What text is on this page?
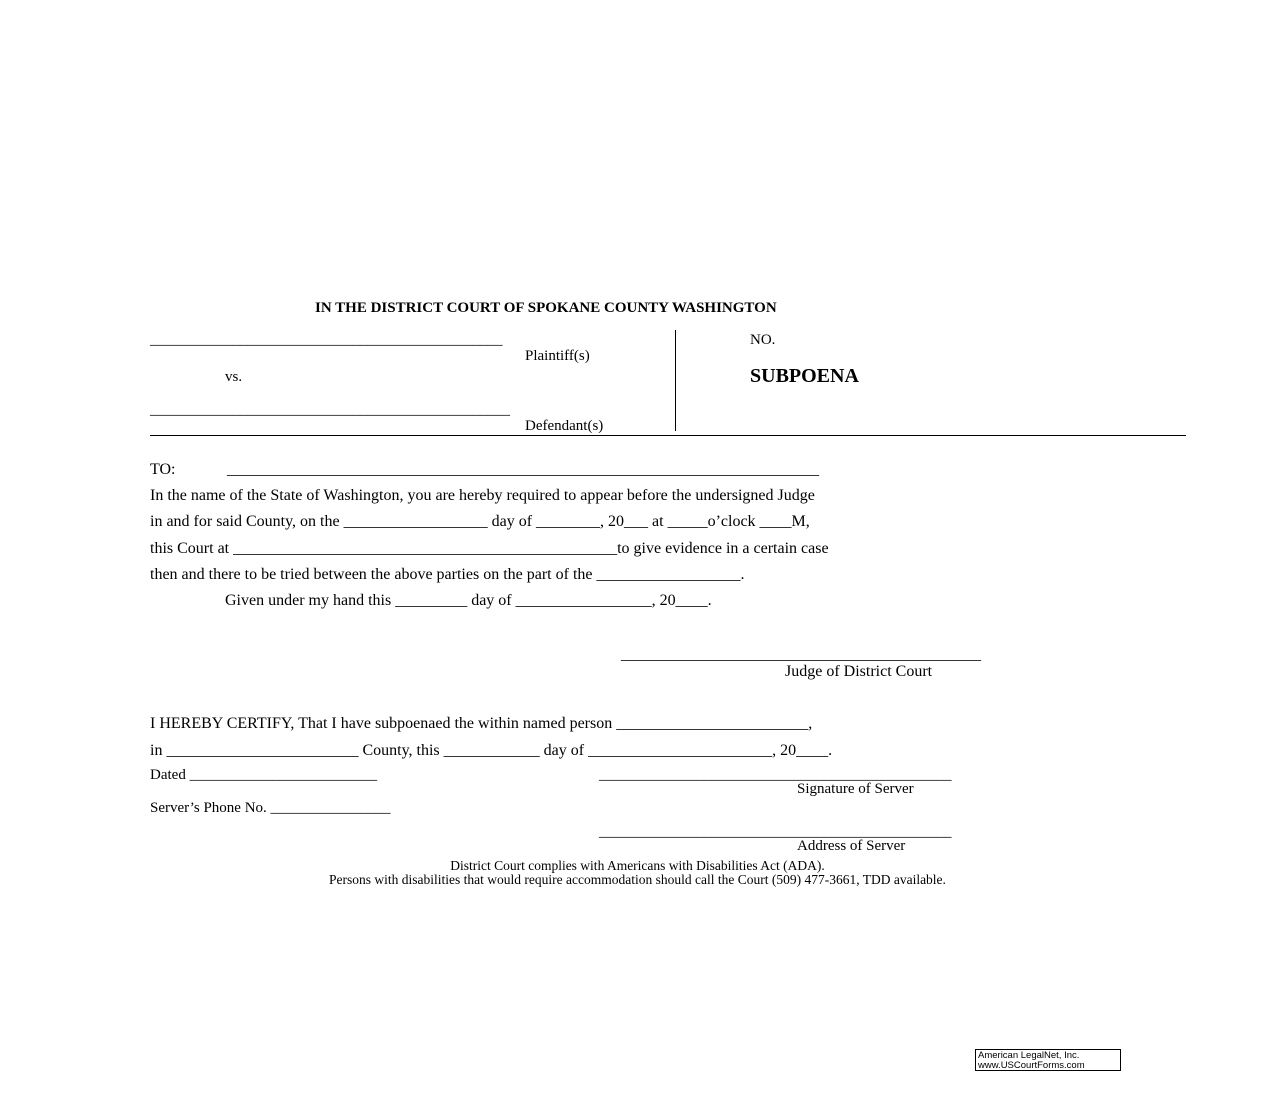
IN THE DISTRICT COURT OF SPOKANE COUNTY WASHINGTON
_______________________________________________
Plaintiff(s)
vs.
________________________________________________
Defendant(s)
NO.
SUBPOENA
TO:	__________________________________________________________________________
In the name of the State of Washington, you are hereby required to appear before the undersigned Judge
in and for said County, on the __________________ day of ________, 20___ at _____o’clock ____M,
this Court at ________________________________________________to give evidence in a certain case
then and there to be tried between the above parties on the part of the __________________.
Given under my hand this _________ day of _________________, 20____.
_____________________________________________
Judge of District Court
I HEREBY CERTIFY, That I have subpoenaed the within named person ________________________,
in ________________________ County, this ____________ day of _______________________, 20____.
Dated _________________________	_______________________________________________
Signature of Server
Server’s Phone No. ________________
_______________________________________________
Address of Server
District Court complies with Americans with Disabilities Act (ADA).
Persons with disabilities that would require accommodation should call the Court (509) 477-3661, TDD available.
American LegalNet, Inc.
www.USCourtForms.com
